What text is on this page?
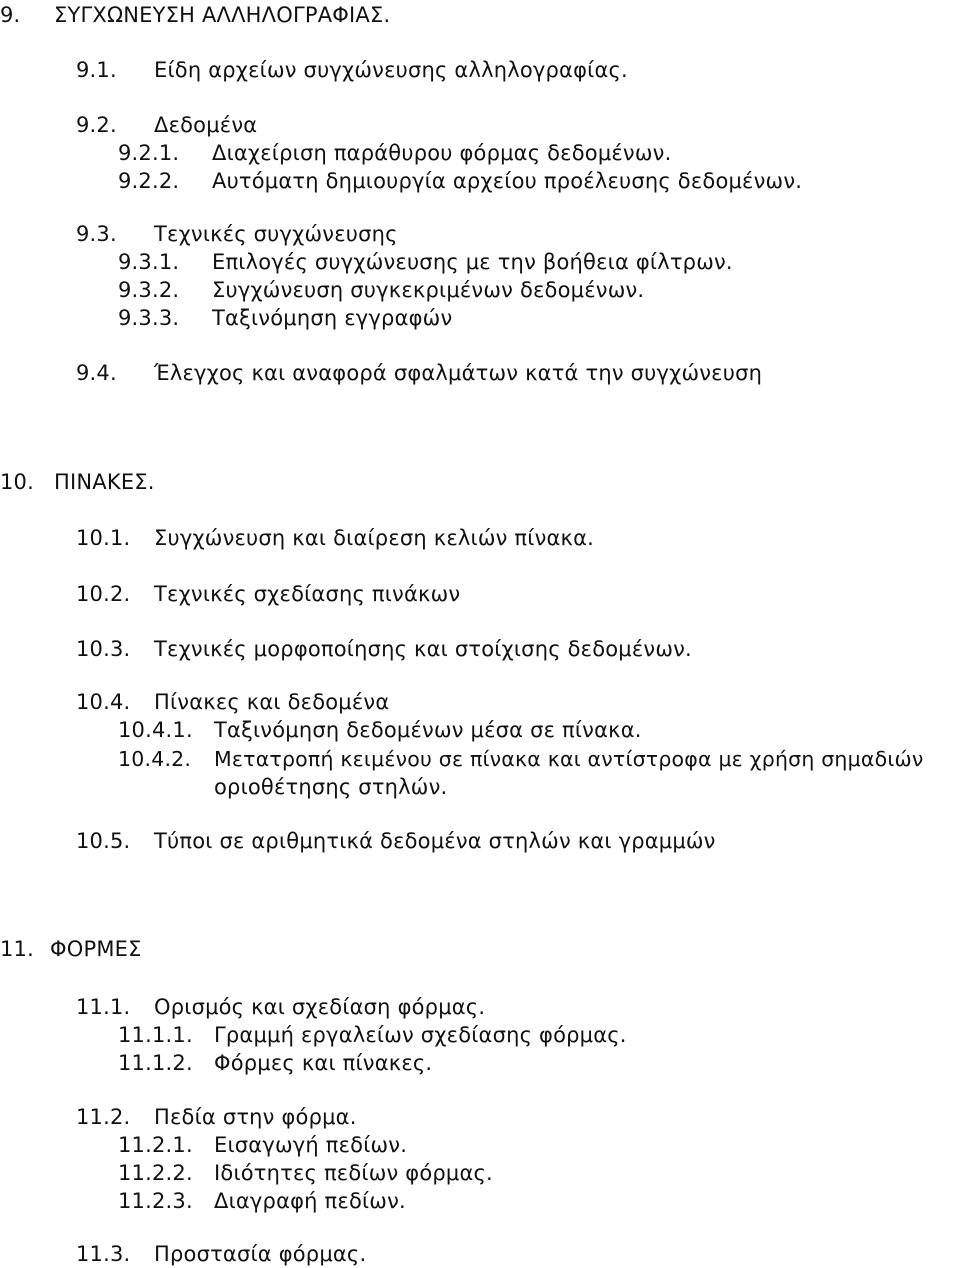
9. ΣΥΓΧΩΝΕΥΣΗ ΑΛΛΗΛΟΓΡΑΦΙΑΣ.
9.1. Είδη αρχείων συγχώνευσης αλληλογραφίας.
9.2. Δεδομένα
9.2.1. Διαχείριση παράθυρου φόρμας δεδομένων.
9.2.2. Αυτόματη δημιουργία αρχείου προέλευσης δεδομένων.
9.3. Τεχνικές συγχώνευσης
9.3.1. Επιλογές συγχώνευσης με την βοήθεια φίλτρων.
9.3.2. Συγχώνευση συγκεκριμένων δεδομένων.
9.3.3. Ταξινόμηση εγγραφών
9.4. Έλεγχος και αναφορά σφαλμάτων κατά την συγχώνευση
10. ΠΙΝΑΚΕΣ.
10.1. Συγχώνευση και διαίρεση κελιών πίνακα.
10.2. Τεχνικές σχεδίασης πινάκων
10.3. Τεχνικές μορφοποίησης και στοίχισης δεδομένων.
10.4. Πίνακες και δεδομένα
10.4.1. Ταξινόμηση δεδομένων μέσα σε πίνακα.
10.4.2. Μετατροπή κειμένου σε πίνακα και αντίστροφα με χρήση σημαδιών
οριοθέτησης στηλών.
10.5. Τύποι σε αριθμητικά δεδομένα στηλών και γραμμών
11. ΦΟΡΜΕΣ
11.1. Ορισμός και σχεδίαση φόρμας.
11.1.1. Γραμμή εργαλείων σχεδίασης φόρμας.
11.1.2. Φόρμες και πίνακες.
11.2. Πεδία στην φόρμα.
11.2.1. Εισαγωγή πεδίων.
11.2.2. Ιδιότητες πεδίων φόρμας.
11.2.3. Διαγραφή πεδίων.
11.3. Προστασία φόρμας.
